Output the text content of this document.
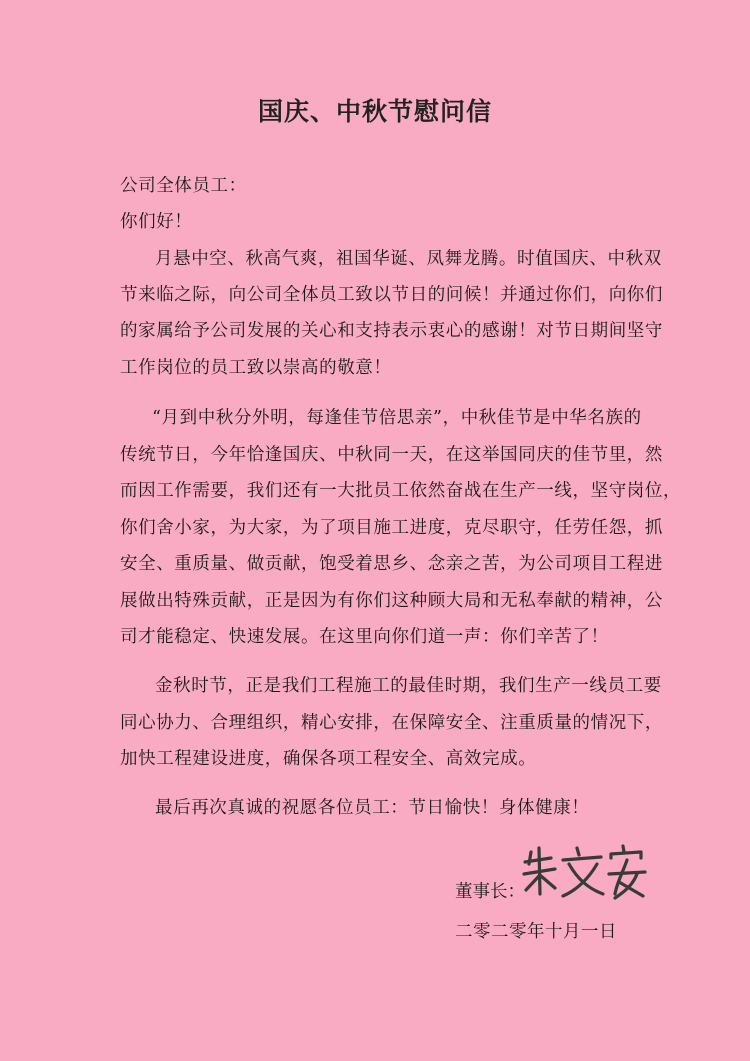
国庆、中秋节慰问信
公司全体员工：
你们好！
月悬中空、秋高气爽，祖国华诞、凤舞龙腾。时值国庆、中秋双
节来临之际，向公司全体员工致以节日的问候！并通过你们，向你们
的家属给予公司发展的关心和支持表示衷心的感谢！对节日期间坚守
工作岗位的员工致以崇高的敬意！
“月到中秋分外明，每逢佳节倍思亲”，中秋佳节是中华名族的
传统节日，今年恰逢国庆、中秋同一天，在这举国同庆的佳节里，然
而因工作需要，我们还有一大批员工依然奋战在生产一线，坚守岗位，
你们舍小家，为大家，为了项目施工进度，克尽职守，任劳任怨，抓
安全、重质量、做贡献，饱受着思乡、念亲之苦，为公司项目工程进
展做出特殊贡献，正是因为有你们这种顾大局和无私奉献的精神，公
司才能稳定、快速发展。在这里向你们道一声：你们辛苦了！
金秋时节，正是我们工程施工的最佳时期，我们生产一线员工要
同心协力、合理组织，精心安排，在保障安全、注重质量的情况下，
加快工程建设进度，确保各项工程安全、高效完成。
最后再次真诚的祝愿各位员工：节日愉快！身体健康！
董事长：
二零二零年十月一日
